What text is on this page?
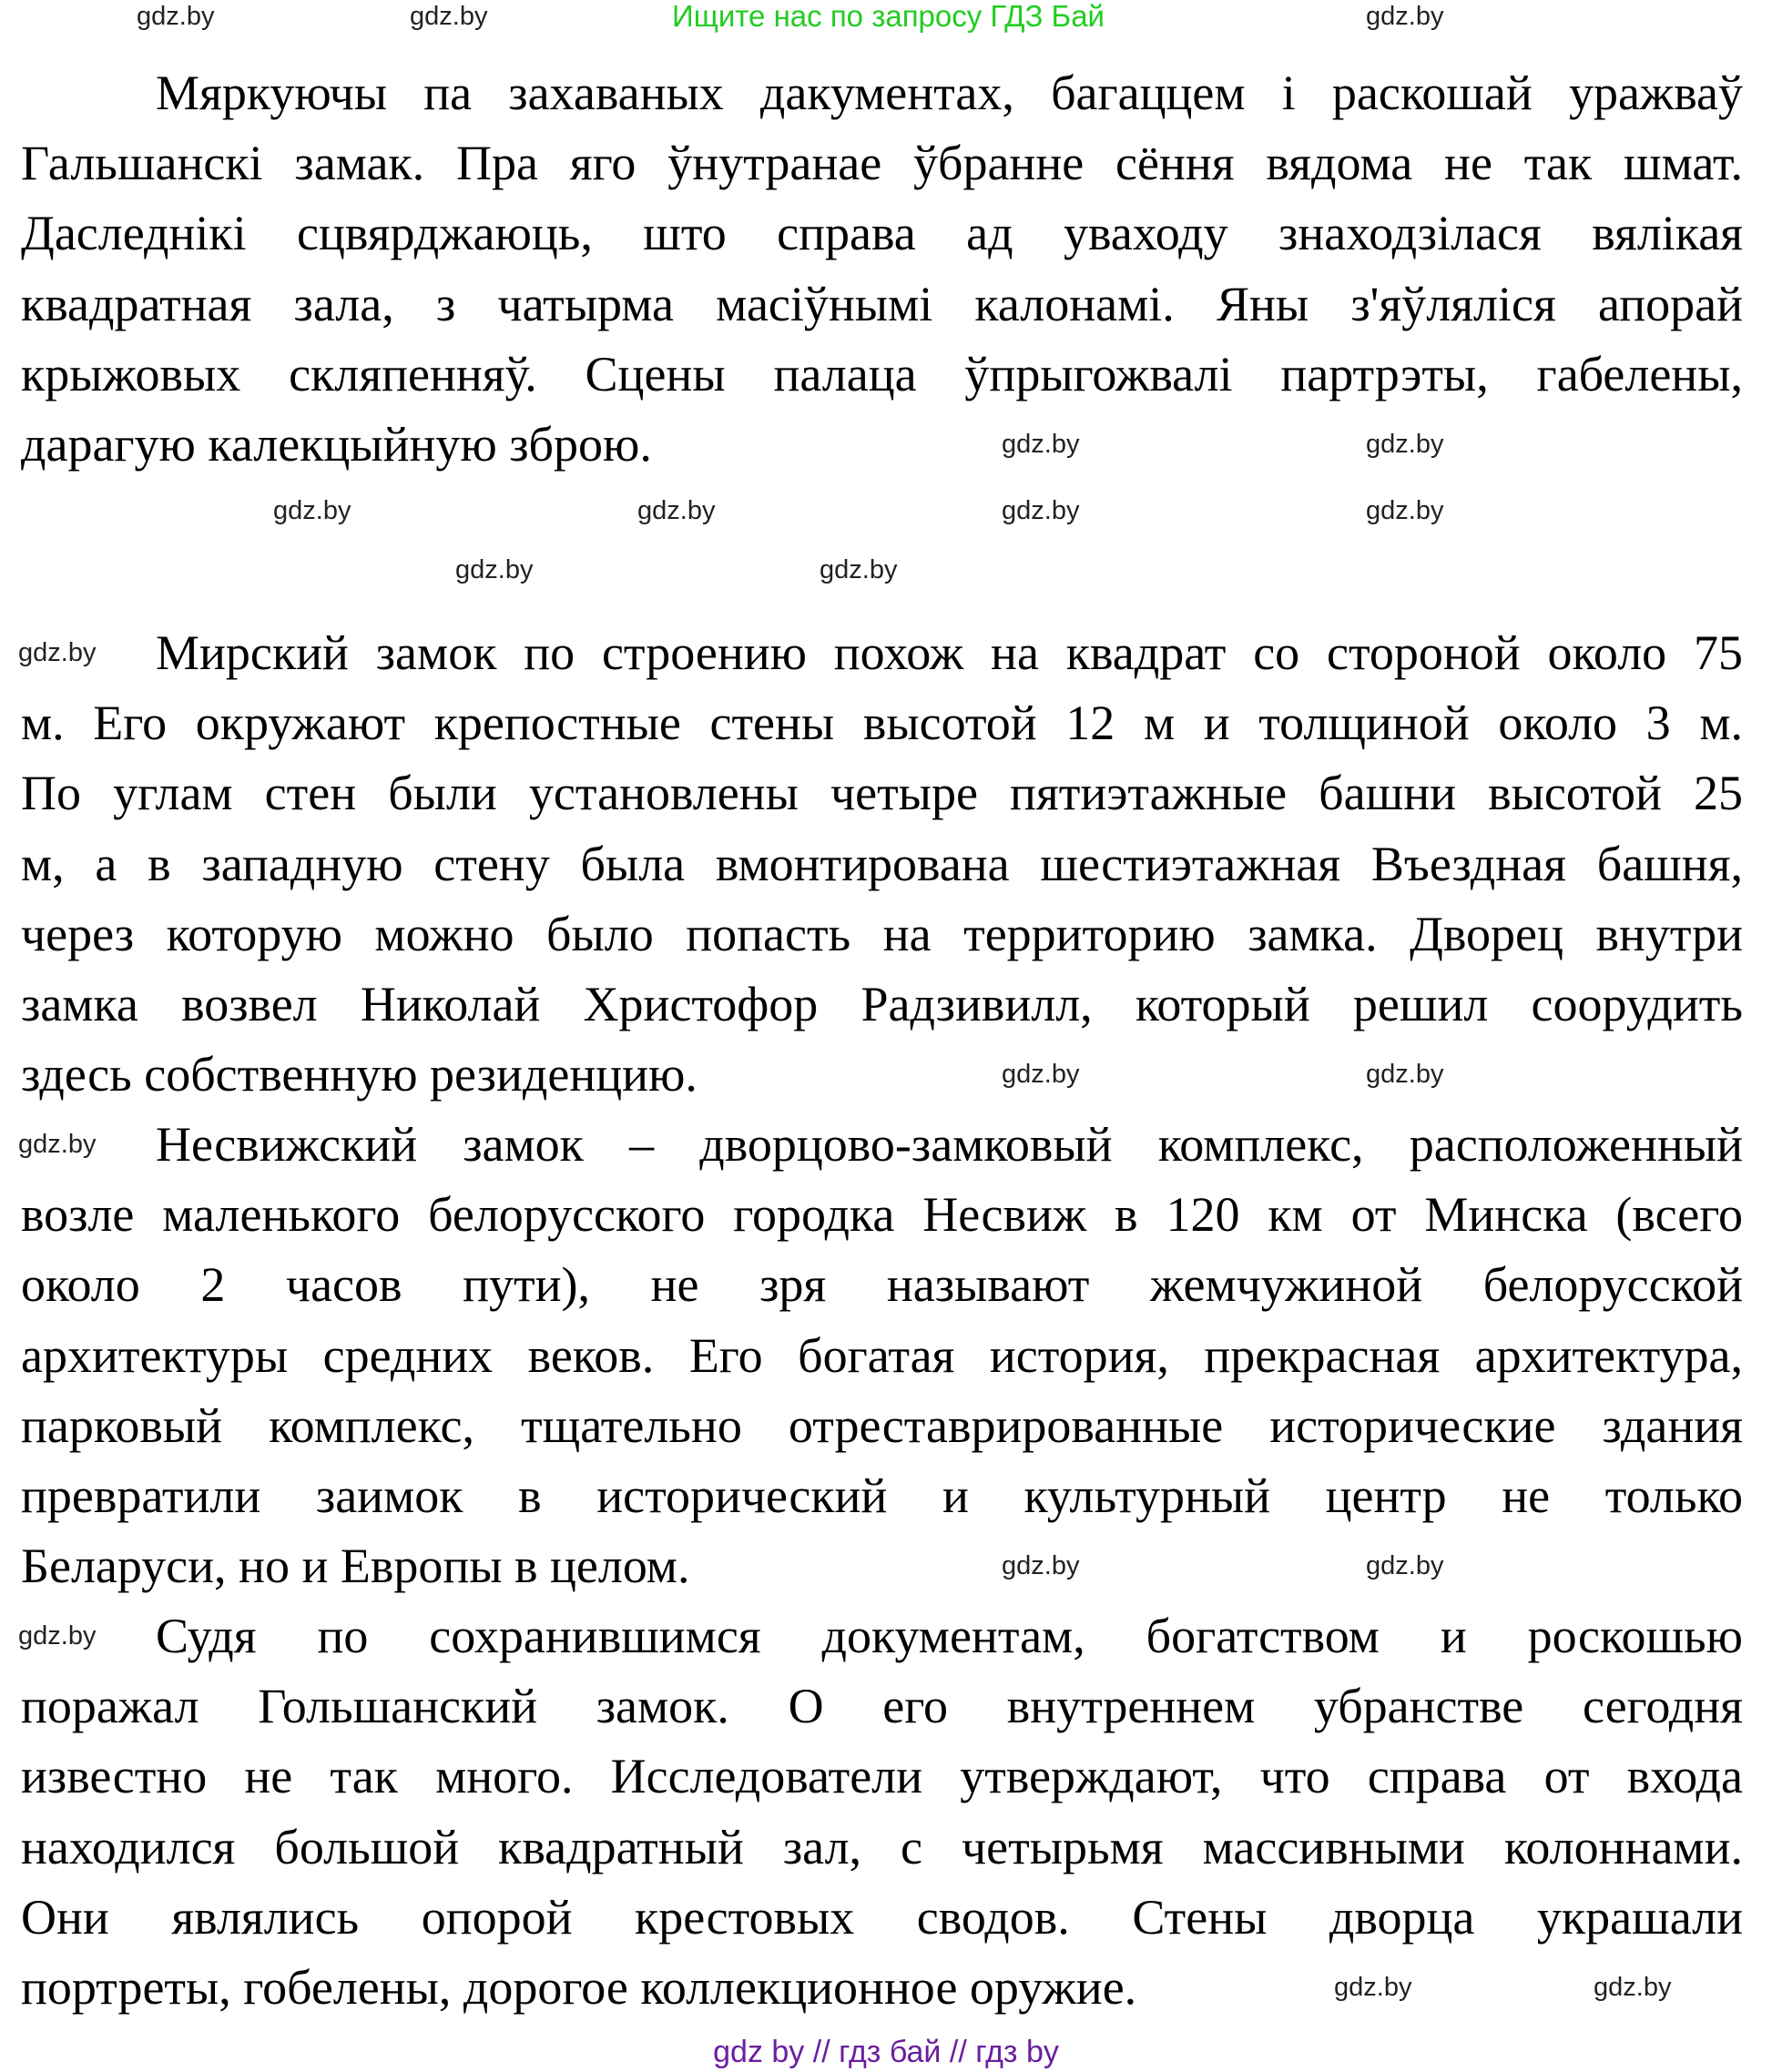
Ищите нас по запросу ГДЗ Бай
Мяркуючы па захаваных дакументах, багаццем і раскошай уражваў
Гальшанскі замак. Пра яго ўнутранае ўбранне сёння вядома не так шмат.
Даследнікі сцвярджаюць, што справа ад уваходу знаходзілася вялікая
квадратная зала, з чатырма масіўнымі калонамі. Яны з'яўляліся апорай
крыжовых скляпенняў. Сцены палаца ўпрыгожвалі партрэты, габелены,
дарагую калекцыйную зброю.
Мирский замок по строению похож на квадрат со стороной около 75
м. Его окружают крепостные стены высотой 12 м и толщиной около 3 м.
По углам стен были установлены четыре пятиэтажные башни высотой 25
м, а в западную стену была вмонтирована шестиэтажная Въездная башня,
через которую можно было попасть на территорию замка. Дворец внутри
замка возвел Николай Христофор Радзивилл, который решил соорудить
здесь собственную резиденцию.
Несвижский замок – дворцово-замковый комплекс, расположенный
возле маленького белорусского городка Несвиж в 120 км от Минска (всего
около 2 часов пути), не зря называют жемчужиной белорусской
архитектуры средних веков. Его богатая история, прекрасная архитектура,
парковый комплекс, тщательно отреставрированные исторические здания
превратили заимок в исторический и культурный центр не только
Беларуси, но и Европы в целом.
Судя по сохранившимся документам, богатством и роскошью
поражал Гольшанский замок. О его внутреннем убранстве сегодня
известно не так много. Исследователи утверждают, что справа от входа
находился большой квадратный зал, с четырьмя массивными колоннами.
Они являлись опорой крестовых сводов. Стены дворца украшали
портреты, гобелены, дорогое коллекционное оружие.
gdz.by	gdz.by	gdz.by
gdz.by	gdz.by	gdz.by	gdz.by
gdz.by	gdz.by
gdz.by	gdz.by
gdz.by
gdz.by	gdz.by
gdz.by
gdz.by	gdz.by
gdz.by
gdz.by	gdz.by
gdz by // гдз бай // гдз by
